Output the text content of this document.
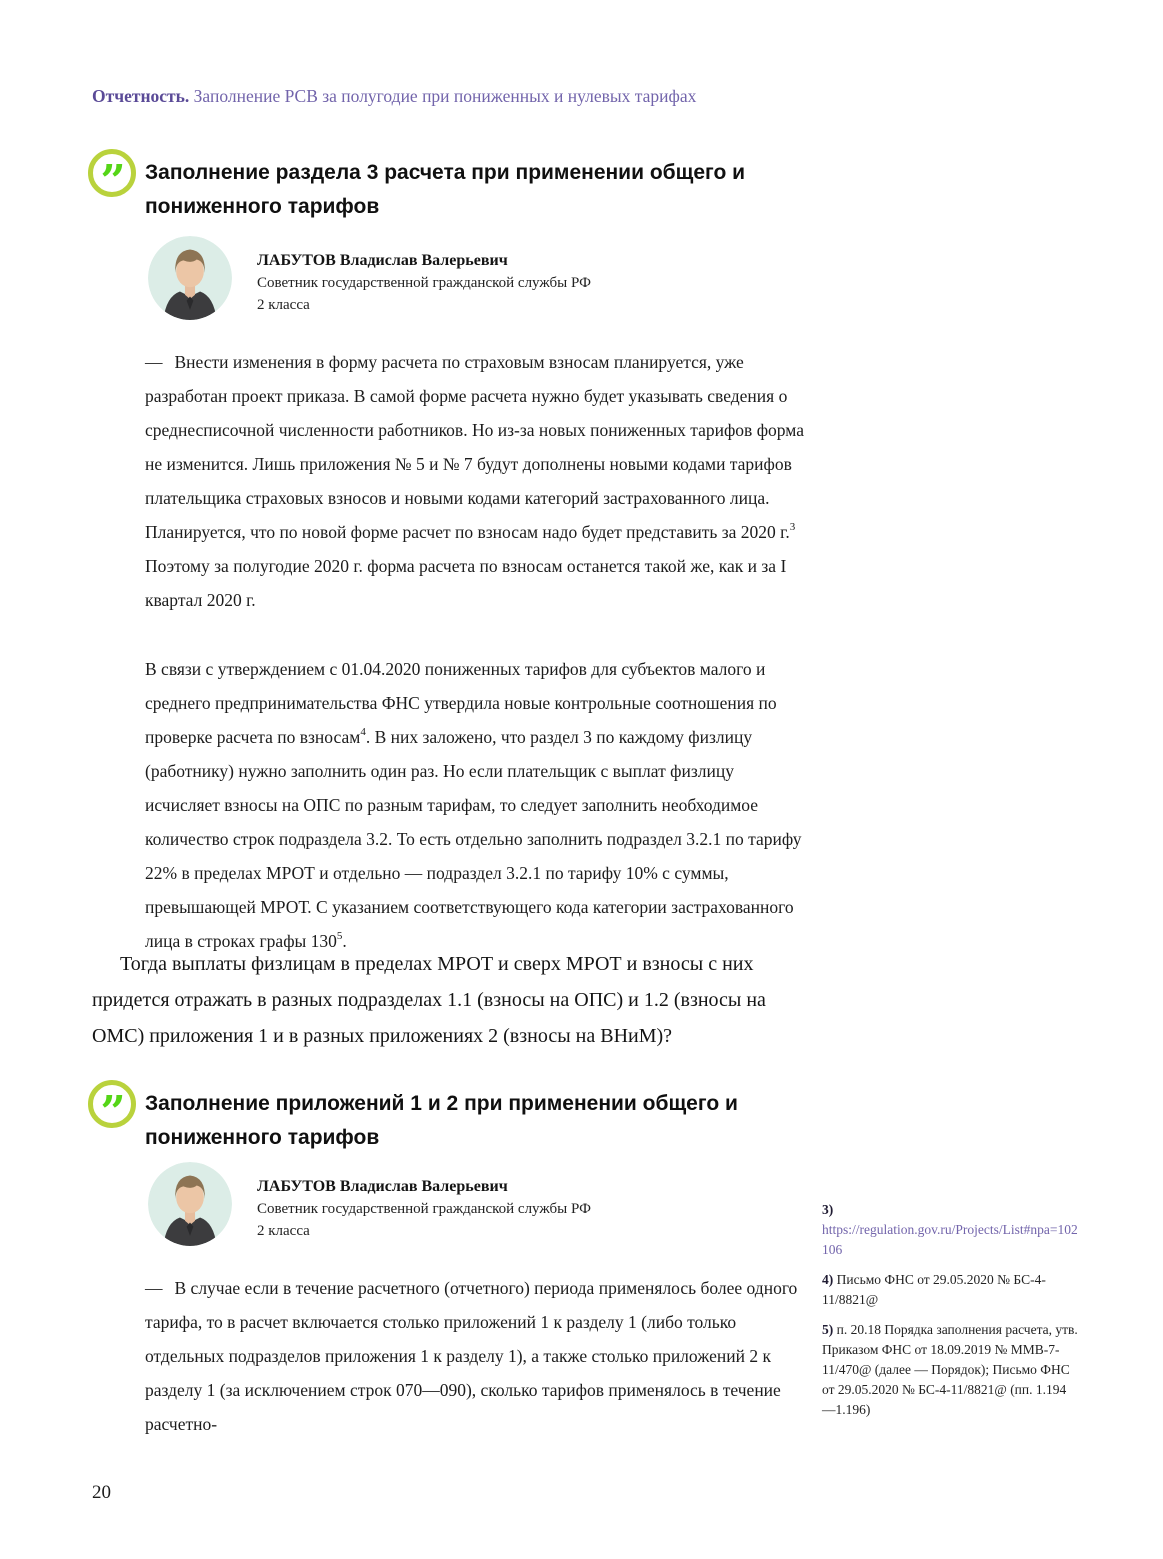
Отчетность. Заполнение РСВ за полугодие при пониженных и нулевых тарифах
” Заполнение раздела 3 расчета при применении общего и пониженного тарифов
ЛАБУТОВ Владислав Валерьевич
Советник государственной гражданской службы РФ
2 класса

— Внести изменения в форму расчета по страховым взносам планируется, уже разработан проект приказа. В самой форме расчета нужно будет указывать сведения о среднесписочной численности работников. Но из-за новых пониженных тарифов форма не изменится. Лишь приложения № 5 и № 7 будут дополнены новыми кодами тарифов плательщика страховых взносов и новыми кодами категорий застрахованного лица. Планируется, что по новой форме расчет по взносам надо будет представить за 2020 г.$^3$ Поэтому за полугодие 2020 г. форма расчета по взносам останется такой же, как и за I квартал 2020 г.

В связи с утверждением с 01.04.2020 пониженных тарифов для субъектов малого и среднего предпринимательства ФНС утвердила новые контрольные соотношения по проверке расчета по взносам$^4$. В них заложено, что раздел 3 по каждому физлицу (работнику) нужно заполнить один раз. Но если плательщик с выплат физлицу исчисляет взносы на ОПС по разным тарифам, то следует заполнить необходимое количество строк подраздела 3.2. То есть отдельно заполнить подраздел 3.2.1 по тарифу 22% в пределах МРОТ и отдельно — подраздел 3.2.1 по тарифу 10% с суммы, превышающей МРОТ. С указанием соответствующего кода категории застрахованного лица в строках графы 130$^5$.

Тогда выплаты физлицам в пределах МРОТ и сверх МРОТ и взносы с них придется отражать в разных подразделах 1.1 (взносы на ОПС) и 1.2 (взносы на ОМС) приложения 1 и в разных приложениях 2 (взносы на ВНиМ)?

” Заполнение приложений 1 и 2 при применении общего и пониженного тарифов
ЛАБУТОВ Владислав Валерьевич
Советник государственной гражданской службы РФ
2 класса

— В случае если в течение расчетного (отчетного) периода применялось более одного тарифа, то в расчет включается столько приложений 1 к разделу 1 (либо только отдельных подразделов приложения 1 к разделу 1), а также столько приложений 2 к разделу 1 (за исключением строк 070—090), сколько тарифов применялось в течение расчетно-

3) https://regulation.gov.ru/Projects/List#npa=102106
4) Письмо ФНС от 29.05.2020 № БС-4-11/8821@
5) п. 20.18 Порядка заполнения расчета, утв. Приказом ФНС от 18.09.2019 № ММВ-7-11/470@ (далее — Порядок); Письмо ФНС от 29.05.2020 № БС-4-11/8821@ (пп. 1.194—1.196)
20
